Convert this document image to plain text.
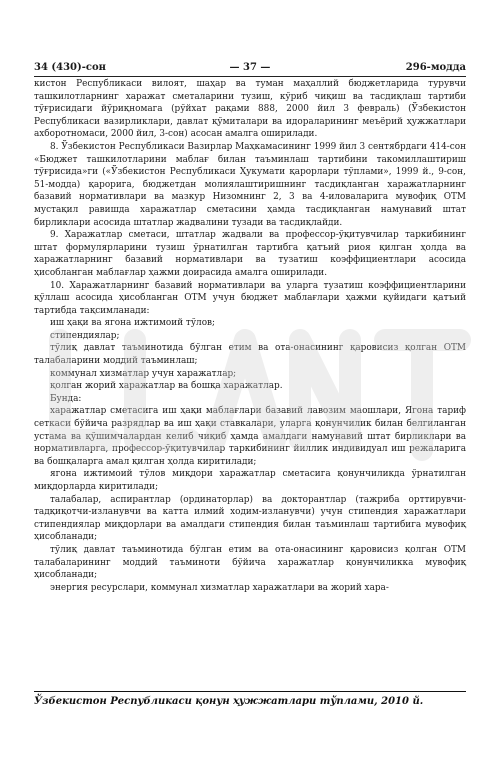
34 (430)-сон	— 37 —	296-модда

кистон Республикаси вилоят, шаҳар ва туман маҳаллий бюджетларида турувчи ташкилотларнинг харажат сметаларини тузиш, кўриб чиқиш ва тасдиқлаш тартиби тўғрисидаги йўриқномага (рўйхат рақами 888, 2000 йил 3 февраль) (Ўзбекистон Республикаси вазирликлари, давлат қўмиталари ва идораларининг меъёрий ҳужжатлари ахборотномаси, 2000 йил, 3-сон) асосан амалга оширилади.

8. Ўзбекистон Республикаси Вазирлар Маҳкамасининг 1999 йил 3 сентябрдаги 414-сон «Бюджет ташкилотларини маблағ билан таъминлаш тартибини такомиллаштириш тўғрисида»ги («Ўзбекистон Республикаси Ҳукумати қарорлари тўплами», 1999 й., 9-сон, 51-модда) қарорига, бюджетдан молиялаштиришнинг тасдиқланган харажатларнинг базавий нормативлари ва мазкур Низомнинг 2, 3 ва 4-иловаларига мувофиқ ОТМ мустақил равишда харажатлар сметасини ҳамда тасдиқланган намунавий штат бирликлари асосида штатлар жадвалини тузади ва тасдиқлайди.

9. Харажатлар сметаси, штатлар жадвали ва профессор-ўқитувчилар таркибининг штат формулярларини тузиш ўрнатилган тартибга қатъий риоя қилган ҳолда ва харажатларнинг базавий нормативлари ва тузатиш коэффициентлари асосида ҳисобланган маблағлар ҳажми доирасида амалга оширилади.

10. Харажатларнинг базавий нормативлари ва уларга тузатиш коэффициентларини қўллаш асосида ҳисобланган ОТМ учун бюджет маблағлари ҳажми қуйидаги қатъий тартибда тақсимланади:

иш ҳақи ва ягона ижтимоий тўлов;

стипендиялар;

тўлиқ давлат таъминотида бўлган етим ва ота-онасининг қаровисиз қолган ОТМ талабаларини моддий таъминлаш;

коммунал хизматлар учун харажатлар;

қолган жорий харажатлар ва бошқа харажатлар.

Бунда:

харажатлар сметасига иш ҳақи маблағлари базавий лавозим маошлари, Ягона тариф сеткаси бўйича разрядлар ва иш ҳақи ставкалари, уларга қонунчилик билан белгиланган устама ва қўшимчалардан келиб чиқиб ҳамда амалдаги намунавий штат бирликлари ва нормативларга, профессор-ўқитувчилар таркибининг йиллик индивидуал иш режаларига ва бошқаларга амал қилган ҳолда киритилади;

ягона ижтимоий тўлов миқдори харажатлар сметасига қонунчиликда ўрнатилган миқдорларда киритилади;

талабалар, аспирантлар (ординаторлар) ва докторантлар (тажриба орттирувчи-тадқиқотчи-изланувчи ва катта илмий ходим-изланувчи) учун стипендия харажатлари стипендиялар миқдорлари ва амалдаги стипендия билан таъминлаш тартибига мувофиқ ҳисобланади;

тўлиқ давлат таъминотида бўлган етим ва ота-онасининг қаровисиз қолган ОТМ талабаларининг моддий таъминоти бўйича харажатлар қонунчиликка мувофиқ ҳисобланади;

энергия ресурслари, коммунал хизматлар харажатлари ва жорий хара-

Ўзбекистон Республикаси қонун ҳужжатлари тўплами, 2010 й.
